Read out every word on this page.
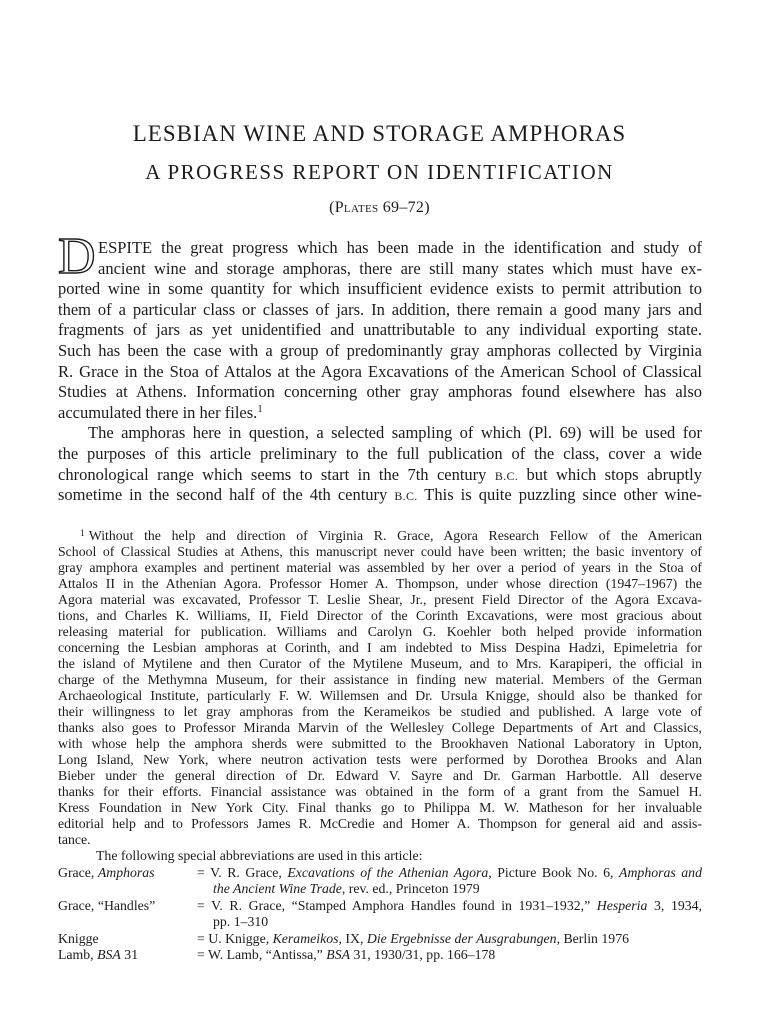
LESBIAN WINE AND STORAGE AMPHORAS
A PROGRESS REPORT ON IDENTIFICATION
(Plates 69–72)
D ESPITE the great progress which has been made in the identification and study of
ancient wine and storage amphoras, there are still many states which must have ex-
ported wine in some quantity for which insufficient evidence exists to permit attribution to
them of a particular class or classes of jars. In addition, there remain a good many jars and
fragments of jars as yet unidentified and unattributable to any individual exporting state.
Such has been the case with a group of predominantly gray amphoras collected by Virginia
R. Grace in the Stoa of Attalos at the Agora Excavations of the American School of Classical
Studies at Athens. Information concerning other gray amphoras found elsewhere has also
accumulated there in her files.$^1$
The amphoras here in question, a selected sampling of which (Pl. 69) will be used for
the purposes of this article preliminary to the full publication of the class, cover a wide
chronological range which seems to start in the 7th century B.C. but which stops abruptly
sometime in the second half of the 4th century B.C. This is quite puzzling since other wine-
$^1$ Without the help and direction of Virginia R. Grace, Agora Research Fellow of the American
School of Classical Studies at Athens, this manuscript never could have been written; the basic inventory of
gray amphora examples and pertinent material was assembled by her over a period of years in the Stoa of
Attalos II in the Athenian Agora. Professor Homer A. Thompson, under whose direction (1947–1967) the
Agora material was excavated, Professor T. Leslie Shear, Jr., present Field Director of the Agora Excava-
tions, and Charles K. Williams, II, Field Director of the Corinth Excavations, were most gracious about
releasing material for publication. Williams and Carolyn G. Koehler both helped provide information
concerning the Lesbian amphoras at Corinth, and I am indebted to Miss Despina Hadzi, Epimeletria for
the island of Mytilene and then Curator of the Mytilene Museum, and to Mrs. Karapiperi, the official in
charge of the Methymna Museum, for their assistance in finding new material. Members of the German
Archaeological Institute, particularly F. W. Willemsen and Dr. Ursula Knigge, should also be thanked for
their willingness to let gray amphoras from the Kerameikos be studied and published. A large vote of
thanks also goes to Professor Miranda Marvin of the Wellesley College Departments of Art and Classics,
with whose help the amphora sherds were submitted to the Brookhaven National Laboratory in Upton,
Long Island, New York, where neutron activation tests were performed by Dorothea Brooks and Alan
Bieber under the general direction of Dr. Edward V. Sayre and Dr. Garman Harbottle. All deserve
thanks for their efforts. Financial assistance was obtained in the form of a grant from the Samuel H.
Kress Foundation in New York City. Final thanks go to Philippa M. W. Matheson for her invaluable
editorial help and to Professors James R. McCredie and Homer A. Thompson for general aid and assis-
tance.
The following special abbreviations are used in this article:
Grace, Amphoras	= V. R. Grace, Excavations of the Athenian Agora, Picture Book No. 6, Amphoras and
the Ancient Wine Trade, rev. ed., Princeton 1979
Grace, “Handles”	= V. R. Grace, “Stamped Amphora Handles found in 1931–1932,” Hesperia 3, 1934,
pp. 1–310
Knigge	= U. Knigge, Kerameikos, IX, Die Ergebnisse der Ausgrabungen, Berlin 1976
Lamb, BSA 31	= W. Lamb, “Antissa,” BSA 31, 1930/31, pp. 166–178
